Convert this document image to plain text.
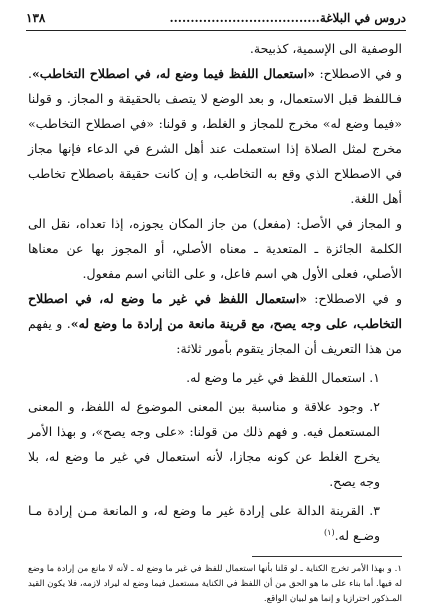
دروس في البلاغة....................................
١٣٨

الوصفية الى الإسمية، كذبيحة.

و في الاصطلاح: «استعمال اللفظ فيما وضع له، في اصطلاح التخاطب». فـاللفظ قبل الاستعمال، و بعد الوضع لا يتصف بالحقيقة و المجاز. و قولنا «فيما وضع له» مخرج للمجاز و الغلط، و قولنا: «في اصطلاح التخاطب» مخرج لمثل الصلاة إذا استعملت عند أهل الشرع في الدعاء فإنها مجاز في الاصطلاح الذي وقع به التخاطب، و إن كانت حقيقة باصطلاح تخاطب أهل اللغة.

و المجاز في الأصل: (مفعل) من جاز المكان يجوزه، إذا تعداه، نقل الى الكلمة الجائزة ـ المتعدية ـ معناه الأصلي، أو المجوز بها عن معناها الأصلي، فعلى الأول هي اسم فاعل، و على الثاني اسم مفعول.

و في الاصطلاح: «استعمال اللفظ في غير ما وضع له، في اصطلاح التخاطب، على وجه يصح، مع قرينة مانعة من إرادة ما وضع له». و يفهم من هذا التعريف أن المجاز يتقوم بأمور ثلاثة:

١. استعمال اللفظ في غير ما وضع له.

٢. وجود علاقة و مناسبة بين المعنى الموضوع له اللفظ، و المعنى المستعمل فيه. و فهم ذلك من قولنا: «على وجه يصح»، و بهذا الأمر يخرج الغلط عن كونه مجازا، لأنه استعمال في غير ما وضع له، بلا وجه يصح.

٣. القرينة الدالة على إرادة غير ما وضع له، و المانعة مـن إرادة مـا وضـع له.$^{(١)}$

١. و بهذا الأمر تخرج الكناية ـ لو قلنا بأنها استعمال للفظ في غير ما وضع له ـ لأنه لا مانع من إرادة ما وضع له فيها. أما بناء على ما هو الحق من أن اللفظ في الكناية مستعمل فيما وضع له ليراد لازمه، فلا يكون القيد المـذكور احترازيا و إنما هو لبيان الواقع.
